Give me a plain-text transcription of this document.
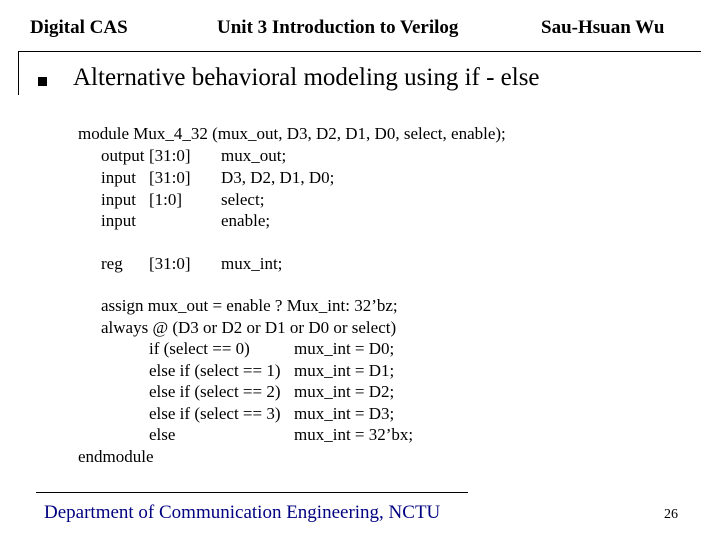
Digital CAS	Unit 3 Introduction to Verilog	Sau-Hsuan Wu
Alternative behavioral modeling using if - else
module Mux_4_32 (mux_out, D3, D2, D1, D0, select, enable);
output [31:0] mux_out;
input [31:0] D3, D2, D1, D0;
input [1:0] select;
input	enable;
reg [31:0] mux_int;
assign mux_out = enable ? Mux_int: 32’bz;
always @ (D3 or D2 or D1 or D0 or select)
if (select == 0)	mux_int = D0;
else if (select == 1) mux_int = D1;
else if (select == 2) mux_int = D2;
else if (select == 3) mux_int = D3;
else	mux_int = 32’bx;
endmodule
Department of Communication Engineering, NCTU	26
